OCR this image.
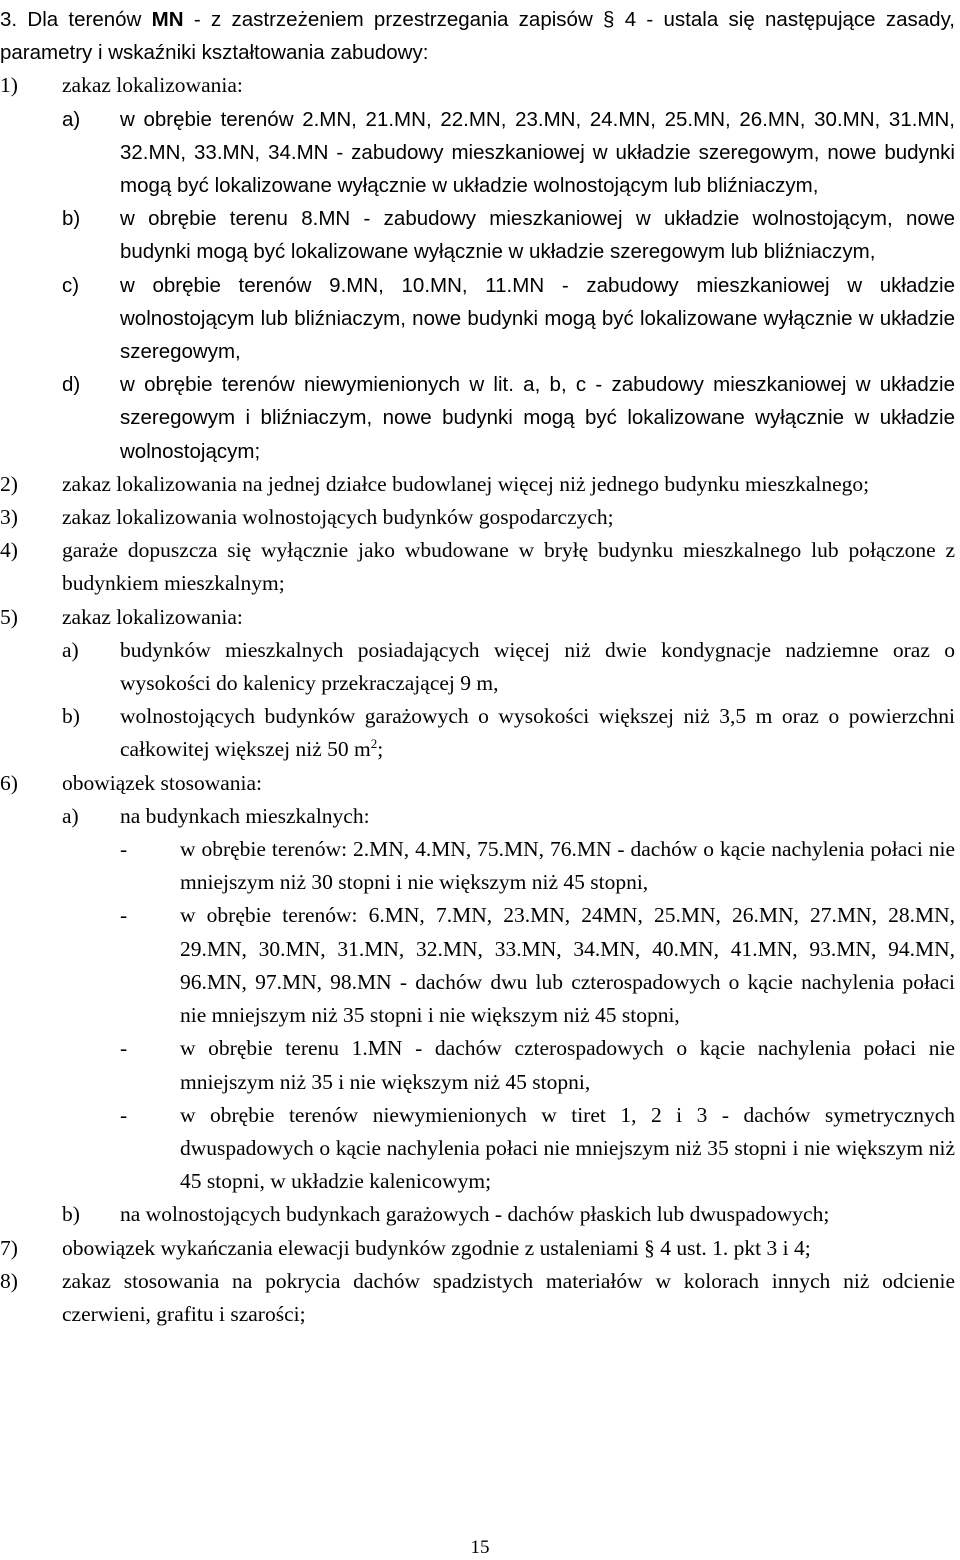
3. Dla terenów MN - z zastrzeżeniem przestrzegania zapisów § 4 - ustala się następujące zasady, parametry i wskaźniki kształtowania zabudowy:
1) zakaz lokalizowania:
a) w obrębie terenów 2.MN, 21.MN, 22.MN, 23.MN, 24.MN, 25.MN, 26.MN, 30.MN, 31.MN, 32.MN, 33.MN, 34.MN - zabudowy mieszkaniowej w układzie szeregowym, nowe budynki mogą być lokalizowane wyłącznie w układzie wolnostojącym lub bliźniaczym,
b) w obrębie terenu 8.MN - zabudowy mieszkaniowej w układzie wolnostojącym, nowe budynki mogą być lokalizowane wyłącznie w układzie szeregowym lub bliźniaczym,
c) w obrębie terenów 9.MN, 10.MN, 11.MN - zabudowy mieszkaniowej w układzie wolnostojącym lub bliźniaczym, nowe budynki mogą być lokalizowane wyłącznie w układzie szeregowym,
d) w obrębie terenów niewymienionych w lit. a, b, c - zabudowy mieszkaniowej w układzie szeregowym i bliźniaczym, nowe budynki mogą być lokalizowane wyłącznie w układzie wolnostojącym;
2) zakaz lokalizowania na jednej działce budowlanej więcej niż jednego budynku mieszkalnego;
3) zakaz lokalizowania wolnostojących budynków gospodarczych;
4) garaże dopuszcza się wyłącznie jako wbudowane w bryłę budynku mieszkalnego lub połączone z budynkiem mieszkalnym;
5) zakaz lokalizowania:
a) budynków mieszkalnych posiadających więcej niż dwie kondygnacje nadziemne oraz o wysokości do kalenicy przekraczającej 9 m,
b) wolnostojących budynków garażowych o wysokości większej niż 3,5 m oraz o powierzchni całkowitej większej niż 50 $m^2$;
6) obowiązek stosowania:
a) na budynkach mieszkalnych:
- w obrębie terenów: 2.MN, 4.MN, 75.MN, 76.MN - dachów o kącie nachylenia połaci nie mniejszym niż 30 stopni i nie większym niż 45 stopni,
- w obrębie terenów: 6.MN, 7.MN, 23.MN, 24MN, 25.MN, 26.MN, 27.MN, 28.MN, 29.MN, 30.MN, 31.MN, 32.MN, 33.MN, 34.MN, 40.MN, 41.MN, 93.MN, 94.MN, 96.MN, 97.MN, 98.MN - dachów dwu lub czterospadowych o kącie nachylenia połaci nie mniejszym niż 35 stopni i nie większym niż 45 stopni,
- w obrębie terenu 1.MN - dachów czterospadowych o kącie nachylenia połaci nie mniejszym niż 35 i nie większym niż 45 stopni,
- w obrębie terenów niewymienionych w tiret 1, 2 i 3 - dachów symetrycznych dwuspadowych o kącie nachylenia połaci nie mniejszym niż 35 stopni i nie większym niż 45 stopni, w układzie kalenicowym;
b) na wolnostojących budynkach garażowych - dachów płaskich lub dwuspadowych;
7) obowiązek wykańczania elewacji budynków zgodnie z ustaleniami § 4 ust. 1. pkt 3 i 4;
8) zakaz stosowania na pokrycia dachów spadzistych materiałów w kolorach innych niż odcienie czerwieni, grafitu i szarości;
15
